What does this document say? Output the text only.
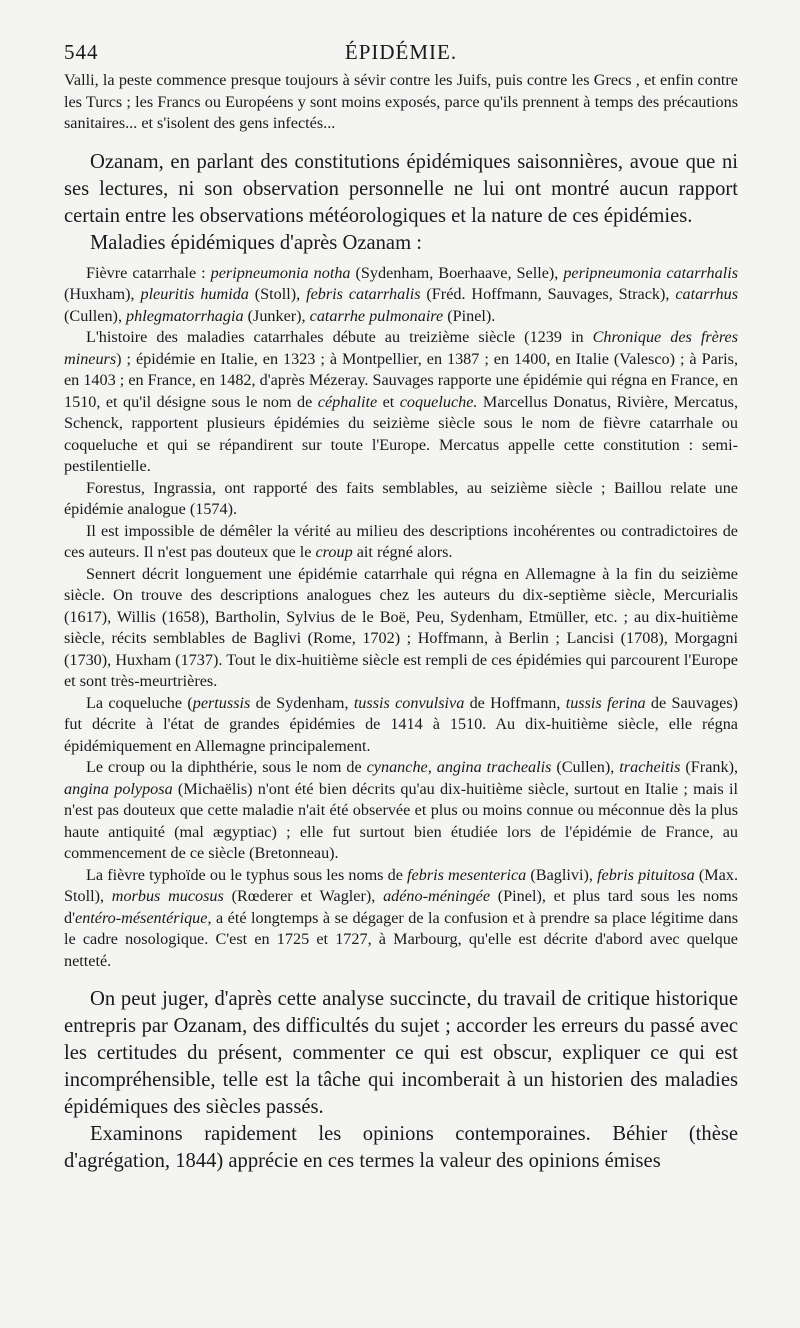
544	ÉPIDÉMIE.

Valli, la peste commence presque toujours à sévir contre les Juifs, puis contre les Grecs , et enfin contre les Turcs ; les Francs ou Européens y sont moins exposés, parce qu'ils prennent à temps des précautions sanitaires... et s'isolent des gens infectés...

Ozanam, en parlant des constitutions épidémiques saisonnières, avoue que ni ses lectures, ni son observation personnelle ne lui ont montré aucun rapport certain entre les observations météorologiques et la nature de ces épidémies.

Maladies épidémiques d'après Ozanam :

Fièvre catarrhale : peripneumonia notha (Sydenham, Boerhaave, Selle), peripneumonia catarrhalis (Huxham), pleuritis humida (Stoll), febris catarrhalis (Fréd. Hoffmann, Sauvages, Strack), catarrhus (Cullen), phlegmatorrhagia (Junker), catarrhe pulmonaire (Pinel).

L'histoire des maladies catarrhales débute au treizième siècle (1239 in Chronique des frères mineurs) ; épidémie en Italie, en 1323 ; à Montpellier, en 1387 ; en 1400, en Italie (Valesco) ; à Paris, en 1403 ; en France, en 1482, d'après Mézeray. Sauvages rapporte une épidémie qui régna en France, en 1510, et qu'il désigne sous le nom de céphalite et coqueluche. Marcellus Donatus, Rivière, Mercatus, Schenck, rapportent plusieurs épidémies du seizième siècle sous le nom de fièvre catarrhale ou coqueluche et qui se répandirent sur toute l'Europe. Mercatus appelle cette constitution : semi-pestilentielle.

Forestus, Ingrassia, ont rapporté des faits semblables, au seizième siècle ; Baillou relate une épidémie analogue (1574).

Il est impossible de démêler la vérité au milieu des descriptions incohérentes ou contradictoires de ces auteurs. Il n'est pas douteux que le croup ait régné alors.

Sennert décrit longuement une épidémie catarrhale qui régna en Allemagne à la fin du seizième siècle. On trouve des descriptions analogues chez les auteurs du dix-septième siècle, Mercurialis (1617), Willis (1658), Bartholin, Sylvius de le Boë, Peu, Sydenham, Etmüller, etc. ; au dix-huitième siècle, récits semblables de Baglivi (Rome, 1702) ; Hoffmann, à Berlin ; Lancisi (1708), Morgagni (1730), Huxham (1737). Tout le dix-huitième siècle est rempli de ces épidémies qui parcourent l'Europe et sont très-meurtrières.

La coqueluche (pertussis de Sydenham, tussis convulsiva de Hoffmann, tussis ferina de Sauvages) fut décrite à l'état de grandes épidémies de 1414 à 1510. Au dix-huitième siècle, elle régna épidémiquement en Allemagne principalement.

Le croup ou la diphthérie, sous le nom de cynanche, angina trachealis (Cullen), tracheitis (Frank), angina polyposa (Michaëlis) n'ont été bien décrits qu'au dix-huitième siècle, surtout en Italie ; mais il n'est pas douteux que cette maladie n'ait été observée et plus ou moins connue ou méconnue dès la plus haute antiquité (mal ægyptiac) ; elle fut surtout bien étudiée lors de l'épidémie de France, au commencement de ce siècle (Bretonneau).

La fièvre typhoïde ou le typhus sous les noms de febris mesenterica (Baglivi), febris pituitosa (Max. Stoll), morbus mucosus (Rœderer et Wagler), adéno-méningée (Pinel), et plus tard sous les noms d'entéro-mésentérique, a été longtemps à se dégager de la confusion et à prendre sa place légitime dans le cadre nosologique. C'est en 1725 et 1727, à Marbourg, qu'elle est décrite d'abord avec quelque netteté.

On peut juger, d'après cette analyse succincte, du travail de critique historique entrepris par Ozanam, des difficultés du sujet ; accorder les erreurs du passé avec les certitudes du présent, commenter ce qui est obscur, expliquer ce qui est incompréhensible, telle est la tâche qui incomberait à un historien des maladies épidémiques des siècles passés.

Examinons rapidement les opinions contemporaines. Béhier (thèse d'agrégation, 1844) apprécie en ces termes la valeur des opinions émises
